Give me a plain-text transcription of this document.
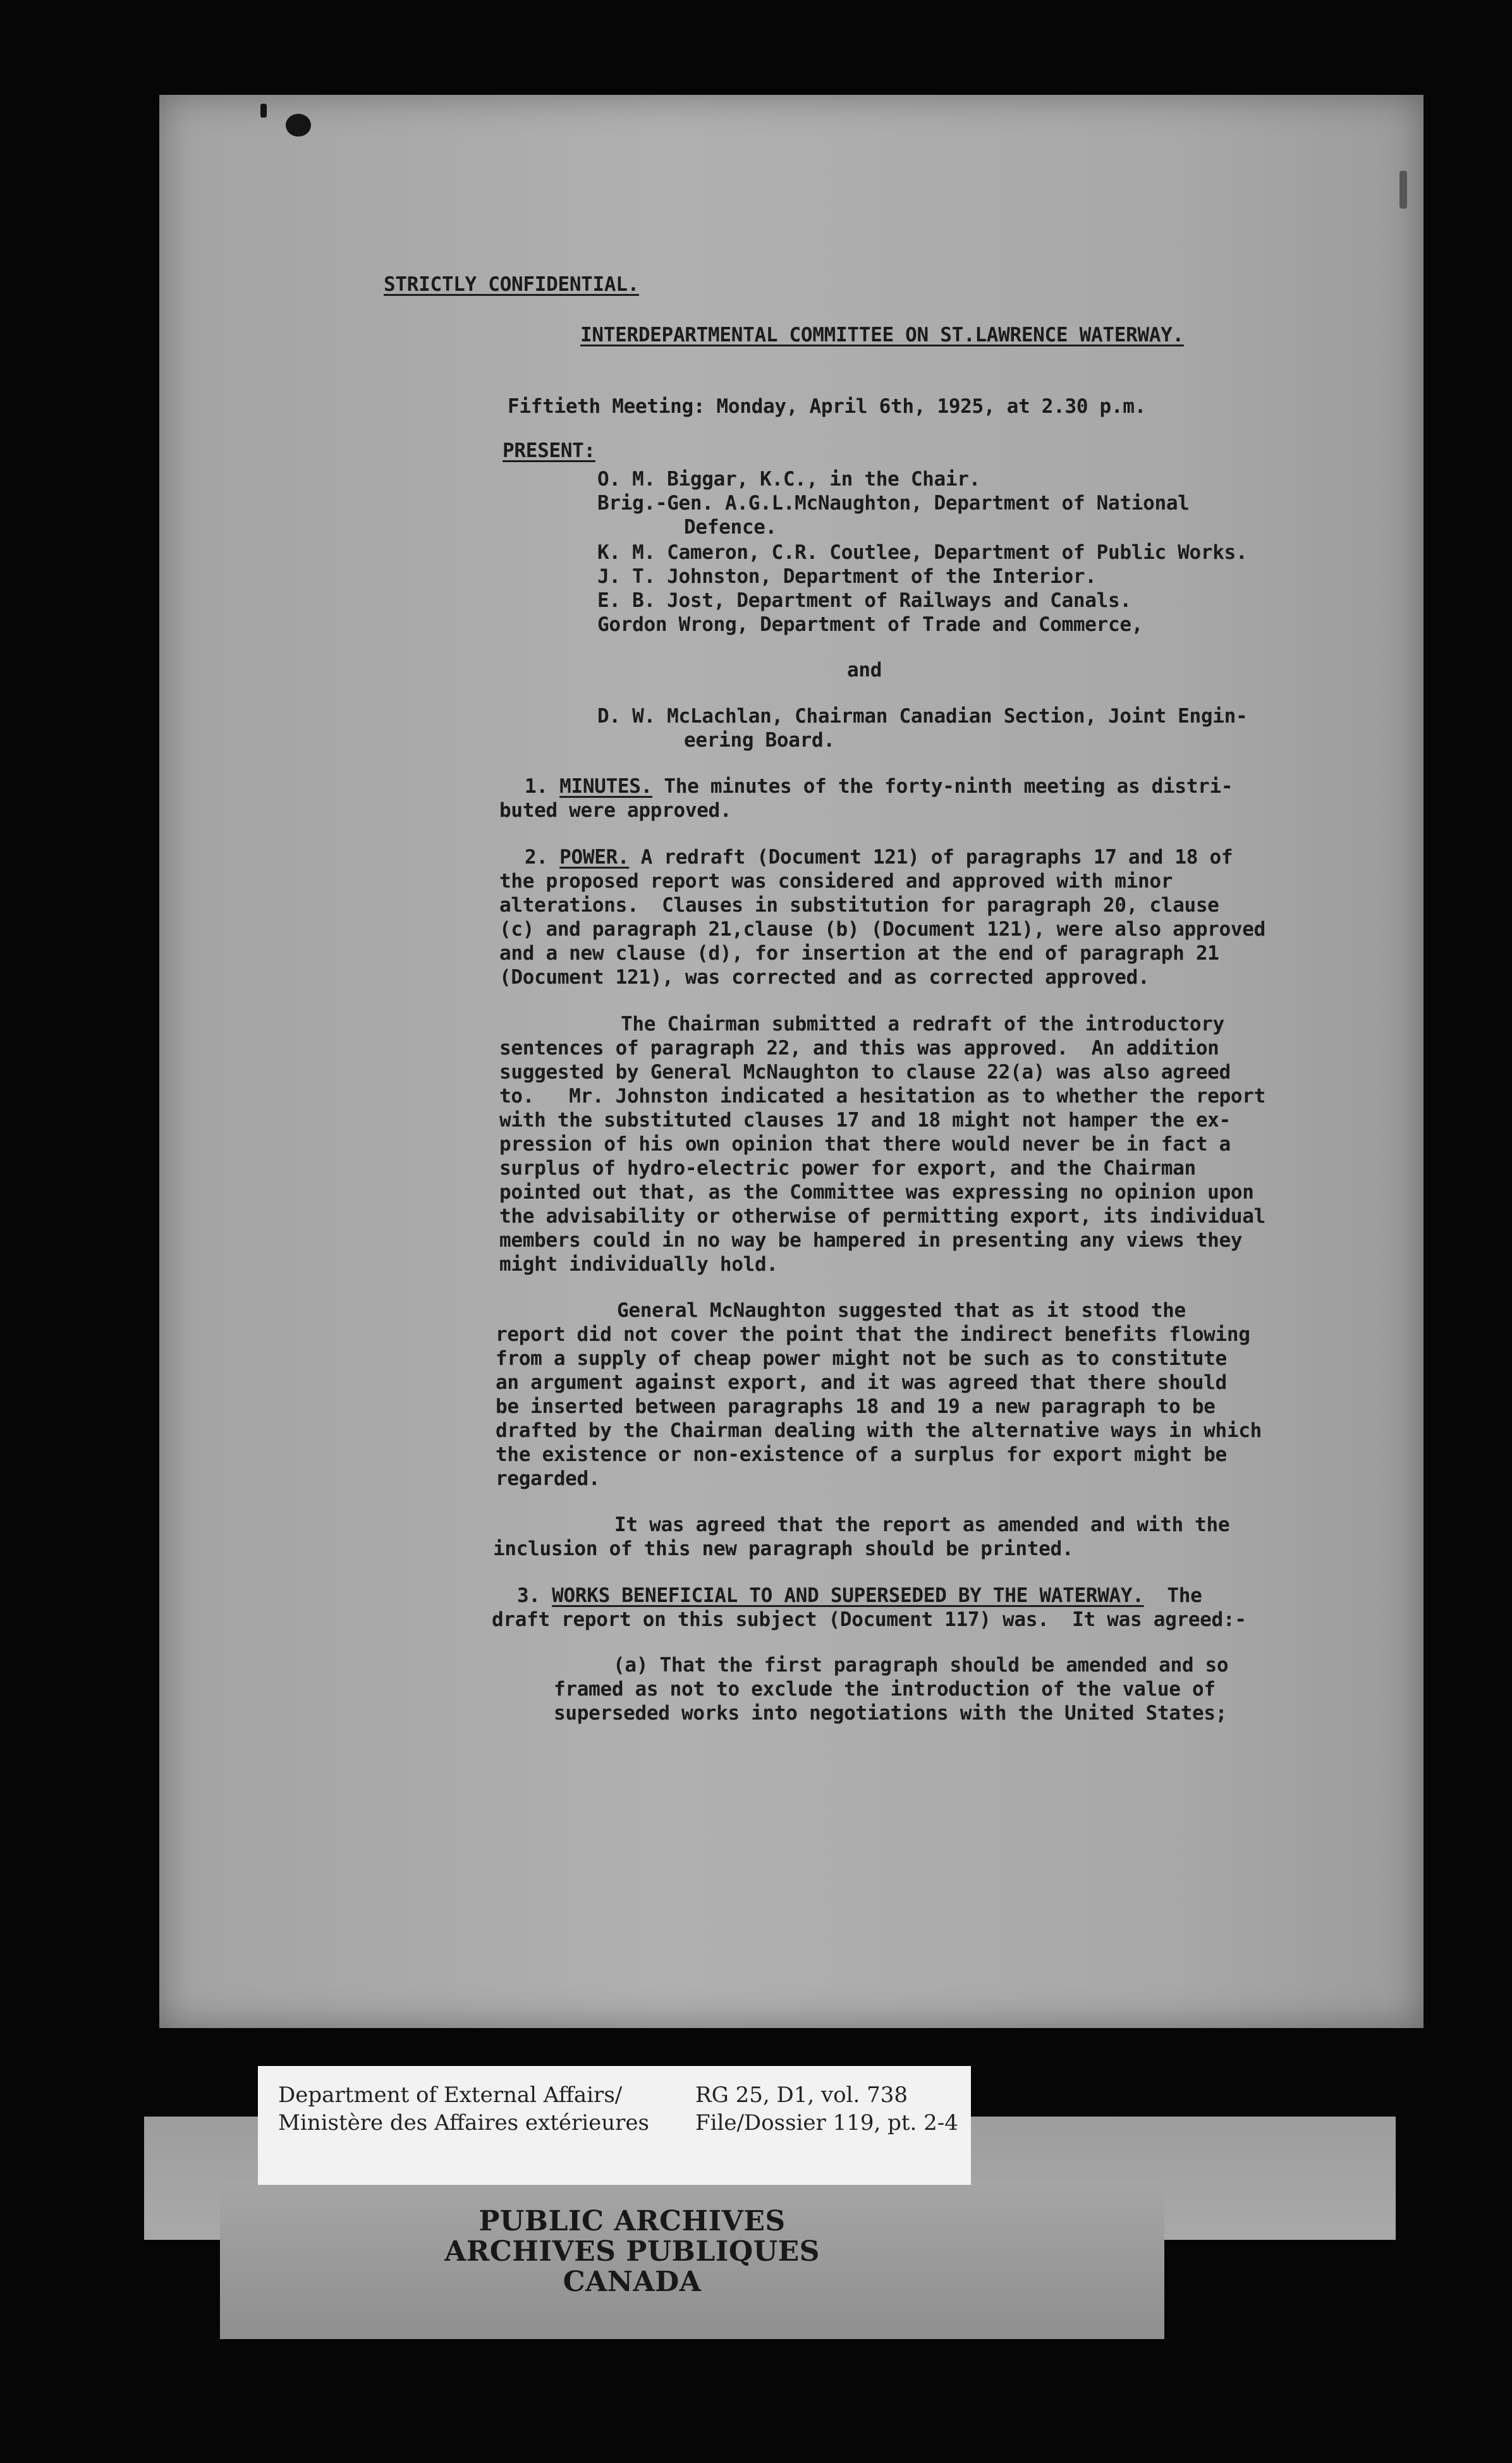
STRICTLY CONFIDENTIAL.
INTERDEPARTMENTAL COMMITTEE ON ST.LAWRENCE WATERWAY.
Fiftieth Meeting: Monday, April 6th, 1925, at 2.30 p.m.
PRESENT:
O. M. Biggar, K.C., in the Chair.
Brig.-Gen. A.G.L.McNaughton, Department of National
Defence.
K. M. Cameron, C.R. Coutlee, Department of Public Works.
J. T. Johnston, Department of the Interior.
E. B. Jost, Department of Railways and Canals.
Gordon Wrong, Department of Trade and Commerce,
and
D. W. McLachlan, Chairman Canadian Section, Joint Engin-
eering Board.
1. MINUTES. The minutes of the forty-ninth meeting as distri-
buted were approved.
2. POWER. A redraft (Document 121) of paragraphs 17 and 18 of
the proposed report was considered and approved with minor
alterations.  Clauses in substitution for paragraph 20, clause
(c) and paragraph 21,clause (b) (Document 121), were also approved
and a new clause (d), for insertion at the end of paragraph 21
(Document 121), was corrected and as corrected approved.
The Chairman submitted a redraft of the introductory
sentences of paragraph 22, and this was approved.  An addition
suggested by General McNaughton to clause 22(a) was also agreed
to.   Mr. Johnston indicated a hesitation as to whether the report
with the substituted clauses 17 and 18 might not hamper the ex-
pression of his own opinion that there would never be in fact a
surplus of hydro-electric power for export, and the Chairman
pointed out that, as the Committee was expressing no opinion upon
the advisability or otherwise of permitting export, its individual
members could in no way be hampered in presenting any views they
might individually hold.
General McNaughton suggested that as it stood the
report did not cover the point that the indirect benefits flowing
from a supply of cheap power might not be such as to constitute
an argument against export, and it was agreed that there should
be inserted between paragraphs 18 and 19 a new paragraph to be
drafted by the Chairman dealing with the alternative ways in which
the existence or non-existence of a surplus for export might be
regarded.
It was agreed that the report as amended and with the
inclusion of this new paragraph should be printed.
3. WORKS BENEFICIAL TO AND SUPERSEDED BY THE WATERWAY.  The
draft report on this subject (Document 117) was.  It was agreed:-
(a) That the first paragraph should be amended and so
framed as not to exclude the introduction of the value of
superseded works into negotiations with the United States;
Department of External Affairs/
Ministère des Affaires extérieures
RG 25, D1, vol. 738
File/Dossier 119, pt. 2-4
PUBLIC ARCHIVES
ARCHIVES PUBLIQUES
CANADA
